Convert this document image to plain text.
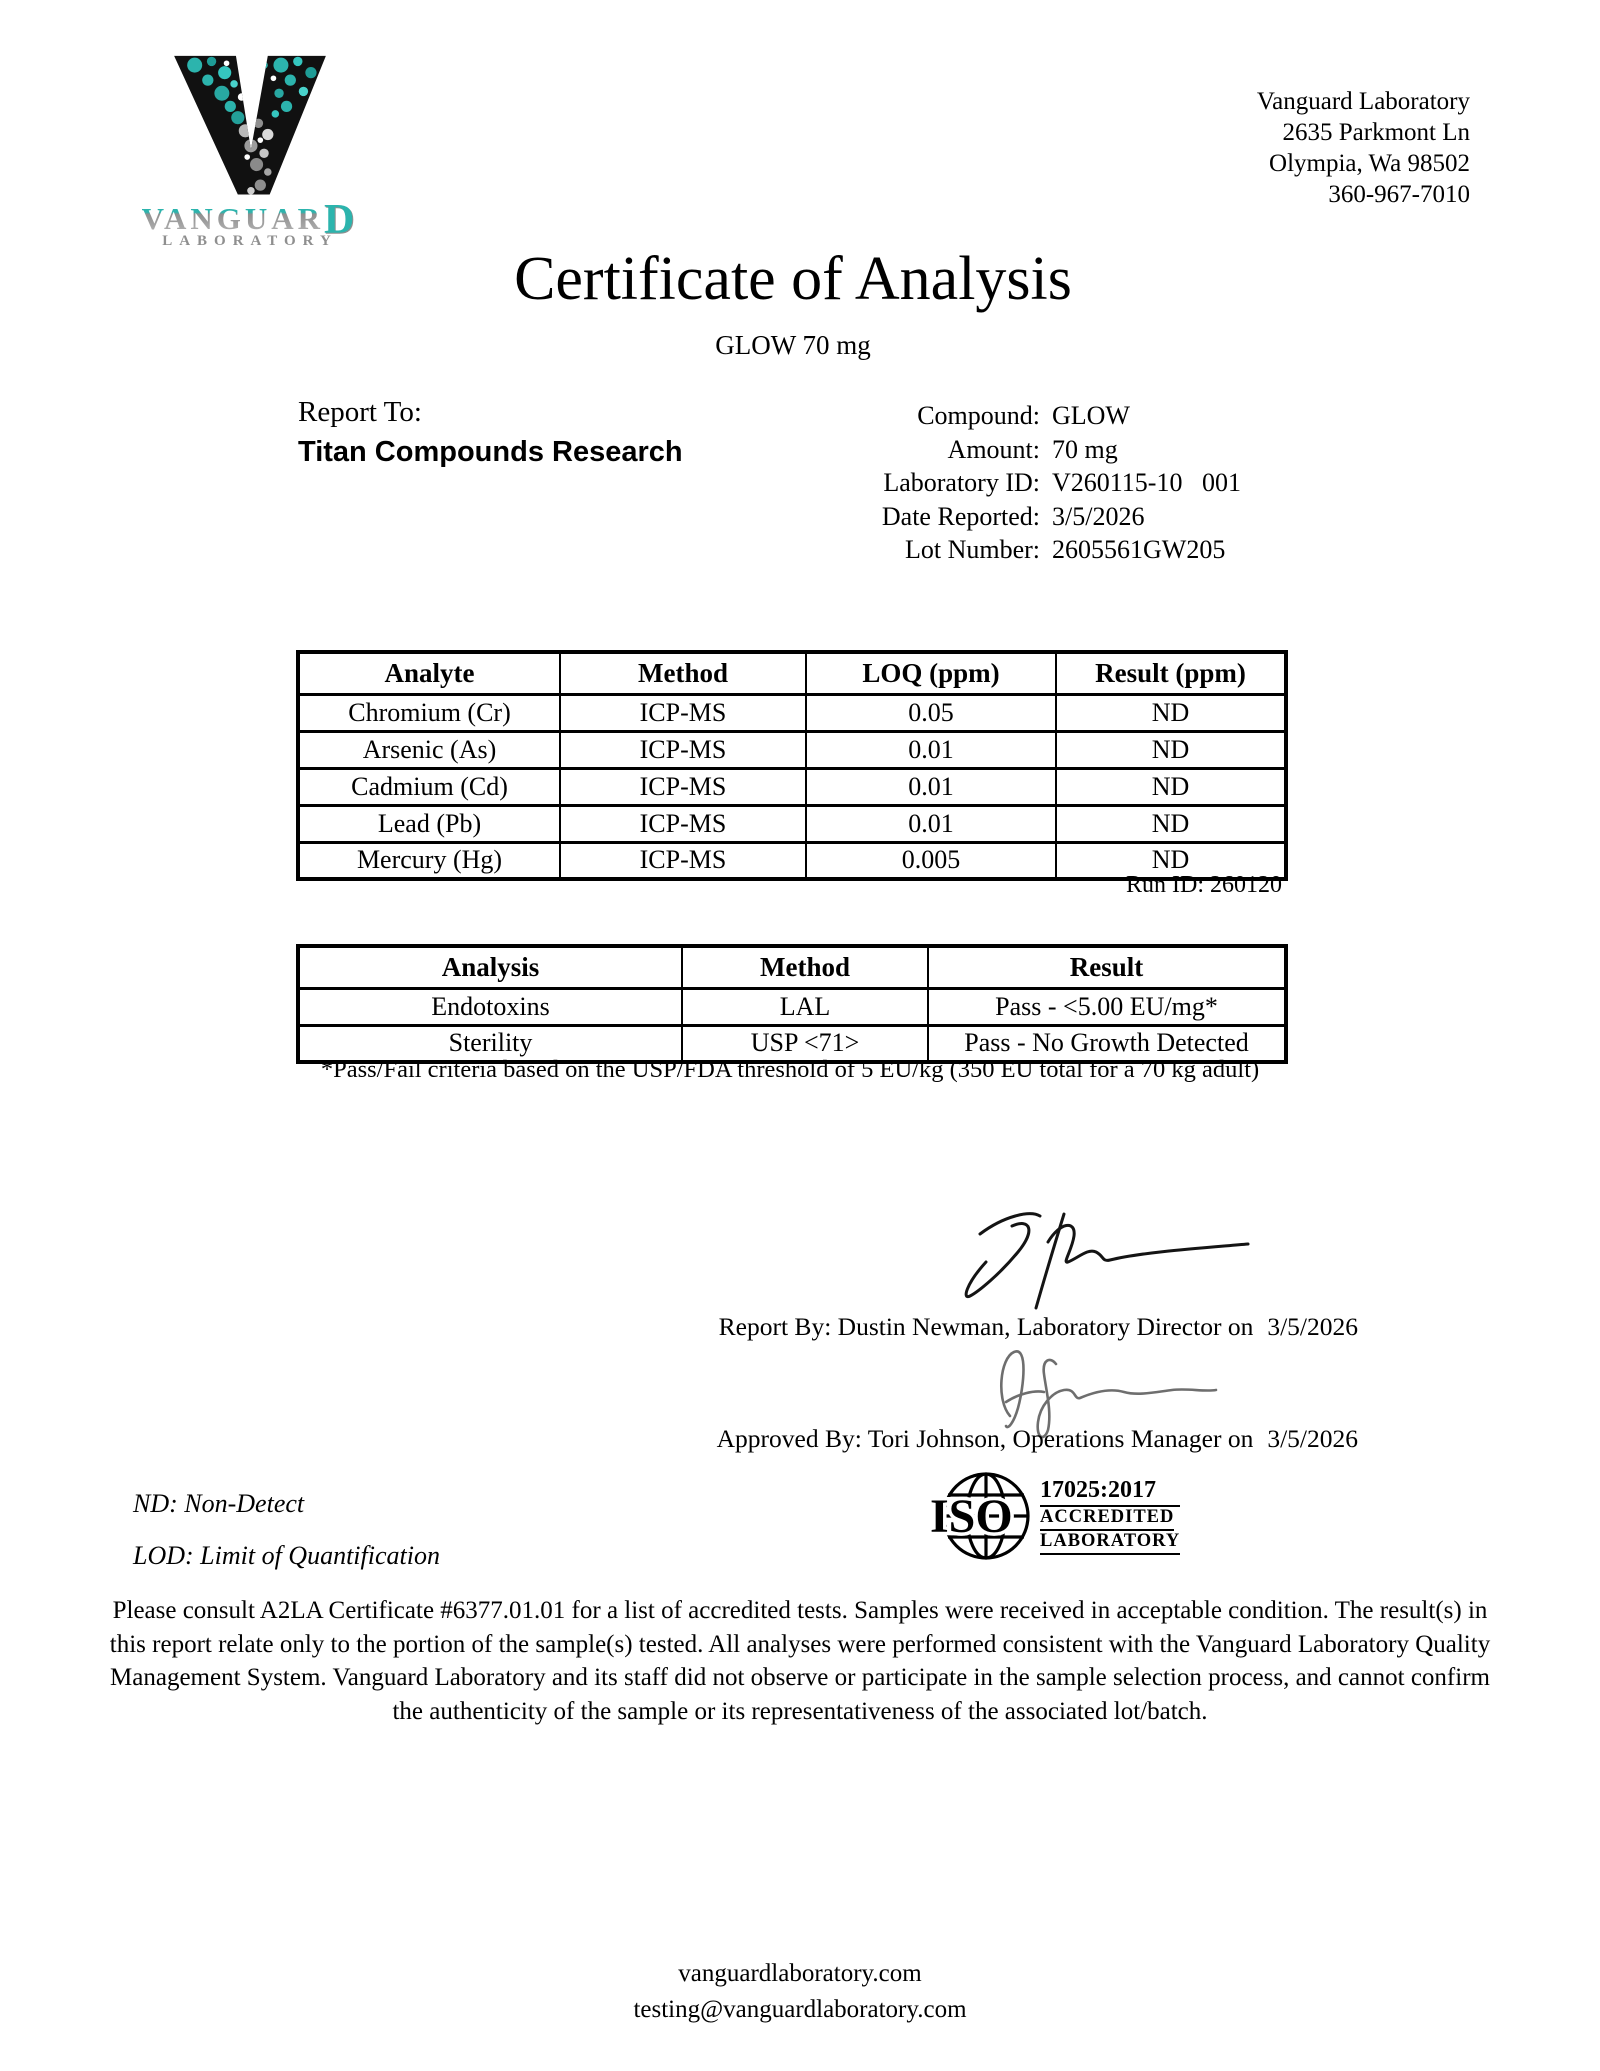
VANGUARD
LABORATORY
Vanguard Laboratory
2635 Parkmont Ln
Olympia, Wa 98502
360-967-7010
Certificate of Analysis
GLOW 70 mg
Report To:
Titan Compounds Research
Compound: GLOW
Amount: 70 mg
Laboratory ID: V260115-10   001
Date Reported: 3/5/2026
Lot Number: 2605561GW205
Analyte	Method	LOQ (ppm)	Result (ppm)
Chromium (Cr)	ICP-MS	0.05	ND
Arsenic (As)	ICP-MS	0.01	ND
Cadmium (Cd)	ICP-MS	0.01	ND
Lead (Pb)	ICP-MS	0.01	ND
Mercury (Hg)	ICP-MS	0.005	ND
Run ID: 260120
Analysis	Method	Result
Endotoxins	LAL	Pass - <5.00 EU/mg*
Sterility	USP <71>	Pass - No Growth Detected
*Pass/Fail criteria based on the USP/FDA threshold of 5 EU/kg (350 EU total for a 70 kg adult)
Report By: Dustin Newman, Laboratory Director on 3/5/2026
Approved By: Tori Johnson, Operations Manager on 3/5/2026
ND: Non-Detect
LOD: Limit of Quantification
ISO 17025:2017
ACCREDITED
LABORATORY
Please consult A2LA Certificate #6377.01.01 for a list of accredited tests. Samples were received in acceptable condition. The result(s) in this report relate only to the portion of the sample(s) tested. All analyses were performed consistent with the Vanguard Laboratory Quality Management System. Vanguard Laboratory and its staff did not observe or participate in the sample selection process, and cannot confirm the authenticity of the sample or its representativeness of the associated lot/batch.
vanguardlaboratory.com
testing@vanguardlaboratory.com
